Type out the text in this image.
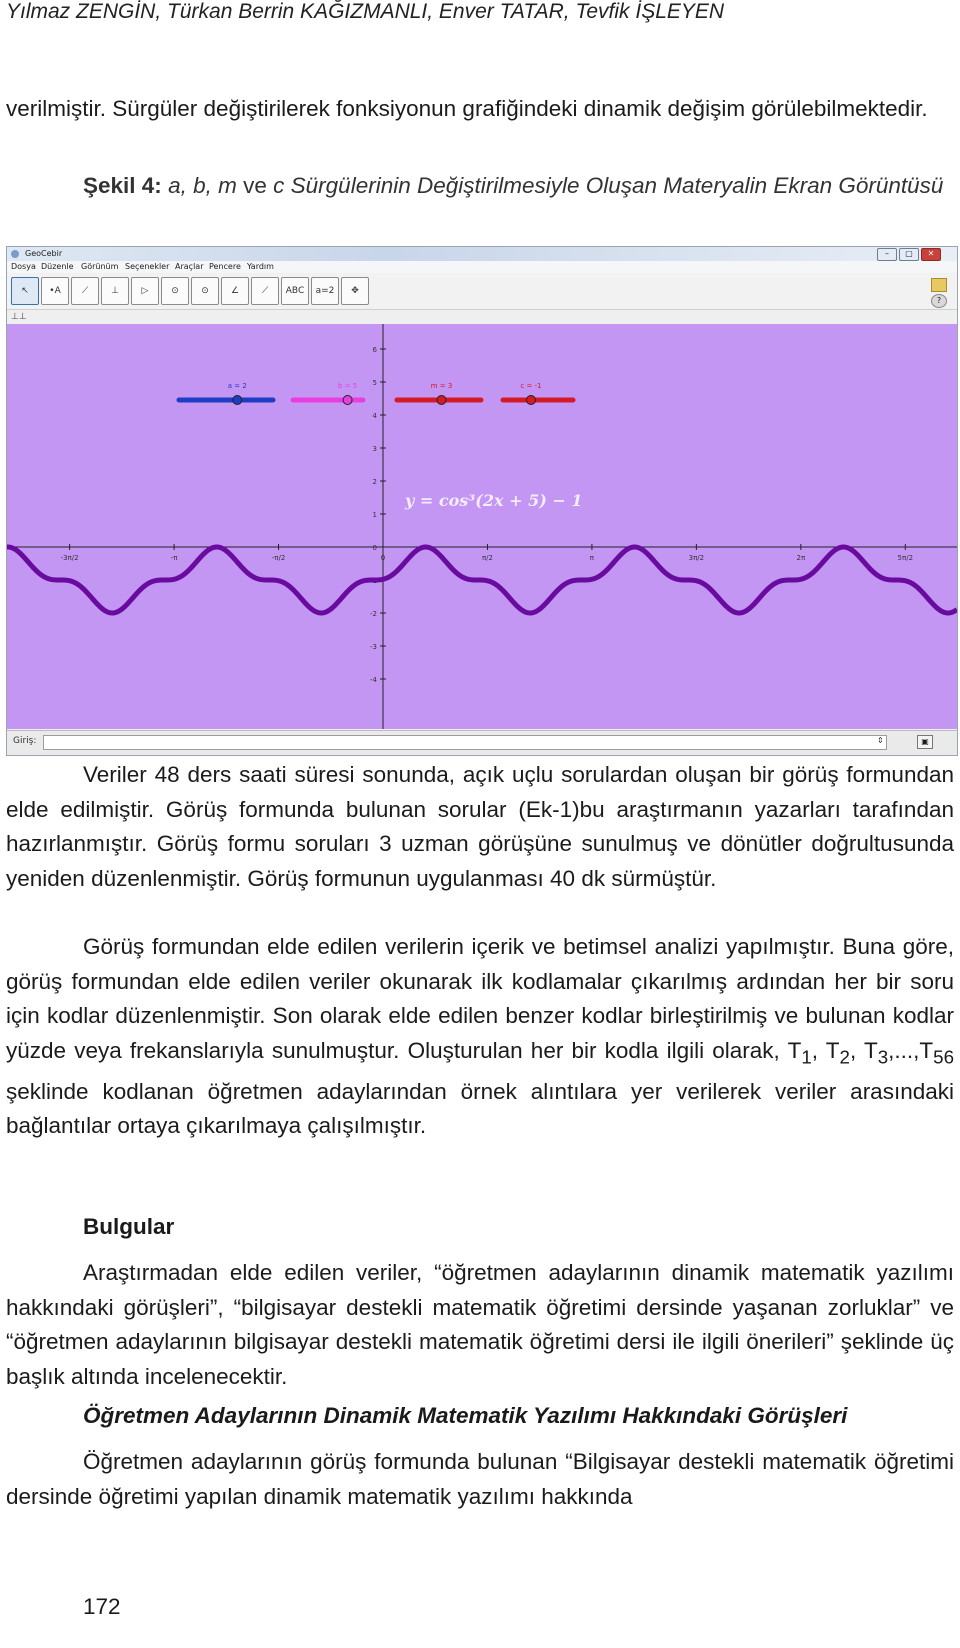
Yılmaz ZENGİN, Türkan Berrin KAĞIZMANLI, Enver TATAR, Tevfik İŞLEYEN

verilmiştir. Sürgüler değiştirilerek fonksiyonun grafiğindeki dinamik değişim görülebilmektedir.

Şekil 4: a, b, m ve c Sürgülerinin Değiştirilmesiyle Oluşan Materyalin Ekran Görüntüsü

GeoCebir	–	▢	✕
Dosya Düzenle Görünüm Seçenekler Araçlar Pencere Yardım
↖	•A	⟋	⊥	▷	⊙	⊙	∠	⟋	ABC	a=2	✥
?
⊥⊥
-3π/2	-π	-π/2	0	π/2	π	3π/2	2π	5π/2
6
5
4
3
2
1
0
-1
-2
-3
-4
a = 2	b = 5	m = 3	c = -1
y = cos³(2x + 5) − 1
Giriş:	⇕	▣

Veriler 48 ders saati süresi sonunda, açık uçlu sorulardan oluşan bir görüş formundan elde edilmiştir. Görüş formunda bulunan sorular (Ek-1)bu araştırmanın yazarları tarafından hazırlanmıştır. Görüş formu soruları 3 uzman görüşüne sunulmuş ve dönütler doğrultusunda yeniden düzenlenmiştir. Görüş formunun uygulanması 40 dk sürmüştür.

Görüş formundan elde edilen verilerin içerik ve betimsel analizi yapılmıştır. Buna göre, görüş formundan elde edilen veriler okunarak ilk kodlamalar çıkarılmış ardından her bir soru için kodlar düzenlenmiştir. Son olarak elde edilen benzer kodlar birleştirilmiş ve bulunan kodlar yüzde veya frekanslarıyla sunulmuştur. Oluşturulan her bir kodla ilgili olarak, $T_1$, $T_2$, $T_3,...,T_{56}$ şeklinde kodlanan öğretmen adaylarından örnek alıntılara yer verilerek veriler arasındaki bağlantılar ortaya çıkarılmaya çalışılmıştır.

Bulgular

Araştırmadan elde edilen veriler, “öğretmen adaylarının dinamik matematik yazılımı hakkındaki görüşleri”, “bilgisayar destekli matematik öğretimi dersinde yaşanan zorluklar” ve “öğretmen adaylarının bilgisayar destekli matematik öğretimi dersi ile ilgili önerileri” şeklinde üç başlık altında incelenecektir.

Öğretmen Adaylarının Dinamik Matematik Yazılımı Hakkındaki Görüşleri

Öğretmen adaylarının görüş formunda bulunan “Bilgisayar destekli matematik öğretimi dersinde öğretimi yapılan dinamik matematik yazılımı hakkında

172
